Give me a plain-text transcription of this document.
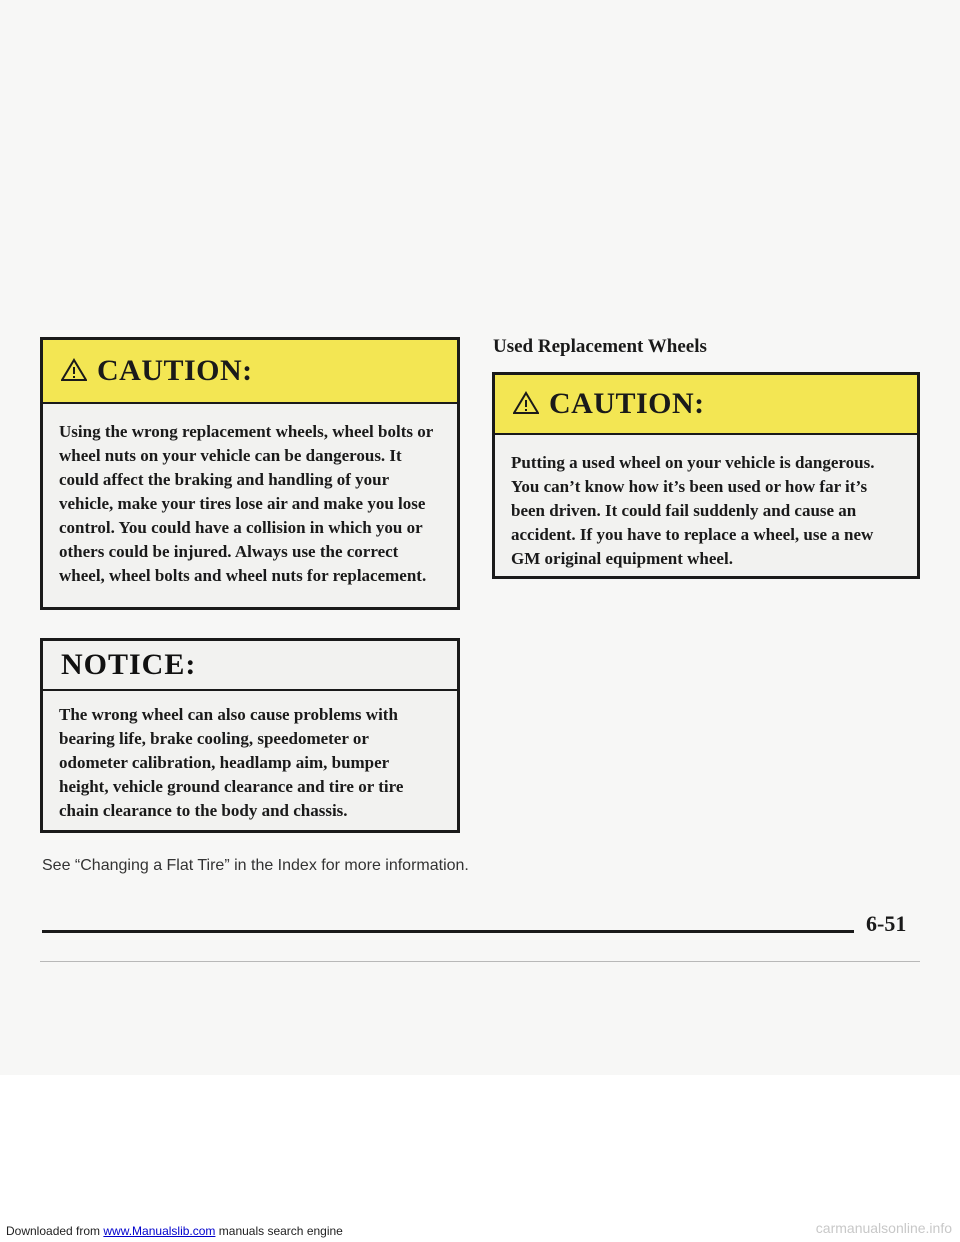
CAUTION:
Using the wrong replacement wheels, wheel bolts or wheel nuts on your vehicle can be dangerous. It could affect the braking and handling of your vehicle, make your tires lose air and make you lose control. You could have a collision in which you or others could be injured. Always use the correct wheel, wheel bolts and wheel nuts for replacement.
NOTICE:
The wrong wheel can also cause problems with bearing life, brake cooling, speedometer or odometer calibration, headlamp aim, bumper height, vehicle ground clearance and tire or tire chain clearance to the body and chassis.
See “Changing a Flat Tire” in the Index for more information.
Used Replacement Wheels
CAUTION:
Putting a used wheel on your vehicle is dangerous. You can’t know how it’s been used or how far it’s been driven. It could fail suddenly and cause an accident. If you have to replace a wheel, use a new GM original equipment wheel.
6-51
Downloaded from www.Manualslib.com manuals search engine	carmanualsonline.info
